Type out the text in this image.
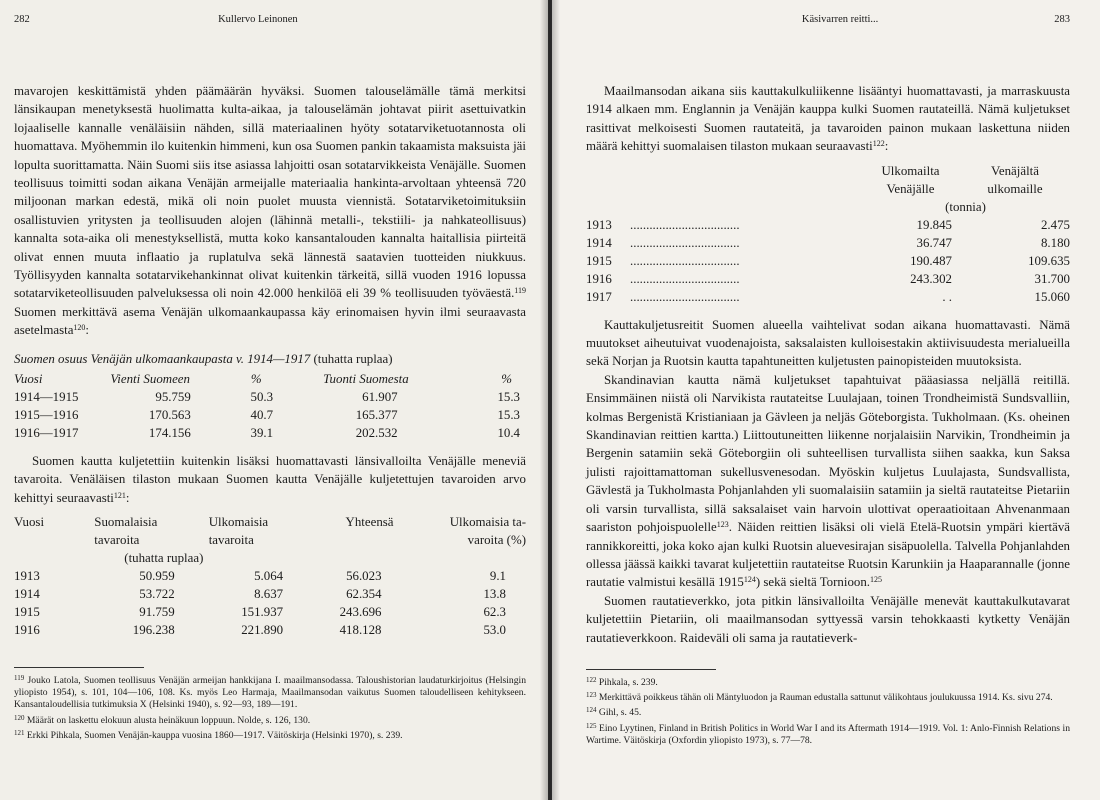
282	Kullervo Leinonen

mavarojen keskittämistä yhden päämäärän hyväksi. Suomen talouselämälle tämä merkitsi länsikaupan menetyksestä huolimatta kulta-aikaa, ja talouselämän johtavat piirit asettuivatkin lojaaliselle kannalle venäläisiin nähden, sillä materiaalinen hyöty sotatarviketuotannosta oli huomattava. Myöhemmin ilo kuitenkin himmeni, kun osa Suomen pankin takaamista maksuista jäi lopulta suorittamatta. Näin Suomi siis itse asiassa lahjoitti osan sotatarvikkeista Venäjälle. Suomen teollisuus toimitti sodan aikana Venäjän armeijalle materiaalia hankinta-arvoltaan yhteensä 720 miljoonan markan edestä, mikä oli noin puolet muusta viennistä. Sotatarviketoimituksiin osallistuvien yritysten ja teollisuuden alojen (lähinnä metalli-, tekstiili- ja nahkateollisuus) kannalta sota-aika oli menestyksellistä, mutta koko kansantalouden kannalta haitallisia piirteitä olivat ennen muuta inflaatio ja ruplatulva sekä lännestä saatavien tuotteiden niukkuus. Työllisyyden kannalta sotatarvikehankinnat olivat kuitenkin tärkeitä, sillä vuoden 1916 lopussa sotatarviketeollisuuden palveluksessa oli noin 42.000 henkilöä eli 39 % teollisuuden työväestä.$^{119}$ Suomen merkittävä asema Venäjän ulkomaankaupassa käy erinomaisen hyvin ilmi seuraavasta asetelmasta$^{120}$:

Suomen osuus Venäjän ulkomaankaupasta v. 1914—1917 (tuhatta ruplaa)
Vuosi	Vienti Suomeen	%	Tuonti Suomesta	%
1914—1915	95.759	50.3	61.907	15.3
1915—1916	170.563	40.7	165.377	15.3
1916—1917	174.156	39.1	202.532	10.4

Suomen kautta kuljetettiin kuitenkin lisäksi huomattavasti länsivalloilta Venäjälle meneviä tavaroita. Venäläisen tilaston mukaan Suomen kautta Venäjälle kuljetettujen tavaroiden arvo kehittyi seuraavasti$^{121}$:

Vuosi	Suomalaisia	Ulkomaisia	Yhteensä	Ulkomaisia ta-
	tavaroita	tavaroita		varoita (%)
	(tuhatta ruplaa)			
1913	50.959	5.064	56.023	9.1
1914	53.722	8.637	62.354	13.8
1915	91.759	151.937	243.696	62.3
1916	196.238	221.890	418.128	53.0

$^{119}$ Jouko Latola, Suomen teollisuus Venäjän armeijan hankkijana I. maailmansodassa. Taloushistorian laudaturkirjoitus (Helsingin yliopisto 1954), s. 101, 104—106, 108. Ks. myös Leo Harmaja, Maailmansodan vaikutus Suomen taloudelliseen kehitykseen. Kansantaloudellisia tutkimuksia X (Helsinki 1940), s. 92—93, 189—191.

$^{120}$ Määrät on laskettu elokuun alusta heinäkuun loppuun. Nolde, s. 126, 130.

$^{121}$ Erkki Pihkala, Suomen Venäjän-kauppa vuosina 1860—1917. Väitöskirja (Helsinki 1970), s. 239.

Käsivarren reitti...	283

Maailmansodan aikana siis kauttakulkuliikenne lisääntyi huomattavasti, ja marraskuusta 1914 alkaen mm. Englannin ja Venäjän kauppa kulki Suomen rautateillä. Nämä kuljetukset rasittivat melkoisesti Suomen rautateitä, ja tavaroiden painon mukaan laskettuna niiden määrä kehittyi suomalaisen tilaston mukaan seuraavasti$^{122}$:

		Ulkomailta	Venäjältä
		Venäjälle	ulkomaille
		(tonnia)	
1913	..................................	19.845	2.475
1914	..................................	36.747	8.180
1915	..................................	190.487	109.635
1916	..................................	243.302	31.700
1917	..................................	. .	15.060

Kauttakuljetusreitit Suomen alueella vaihtelivat sodan aikana huomattavasti. Nämä muutokset aiheutuivat vuodenajoista, saksalaisten kulloisestakin aktiivisuudesta merialueilla sekä Norjan ja Ruotsin kautta tapahtuneitten kuljetusten painopisteiden muutoksista.

Skandinavian kautta nämä kuljetukset tapahtuivat pääasiassa neljällä reitillä. Ensimmäinen niistä oli Narvikista rautateitse Luulajaan, toinen Trondheimistä Sundsvalliin, kolmas Bergenistä Kristianiaan ja Gävleen ja neljäs Göteborgista. Tukholmaan. (Ks. oheinen Skandinavian reittien kartta.) Liittoutuneitten liikenne norjalaisiin Narvikin, Trondheimin ja Bergenin satamiin sekä Göteborgiin oli suhteellisen turvallista siihen saakka, kun Saksa julisti rajoittamattoman sukellusvenesodan. Myöskin kuljetus Luulajasta, Sundsvallista, Gävlestä ja Tukholmasta Pohjanlahden yli suomalaisiin satamiin ja sieltä rautateitse Pietariin oli varsin turvallista, sillä saksalaiset vain harvoin ulottivat operaatioitaan Ahvenanmaan saariston pohjoispuolelle$^{123}$. Näiden reittien lisäksi oli vielä Etelä-Ruotsin ympäri kiertävä rannikkoreitti, joka koko ajan kulki Ruotsin aluevesirajan sisäpuolella. Talvella Pohjanlahden ollessa jäässä kaikki tavarat kuljetettiin rautateitse Ruotsin Karunkiin ja Haaparannalle (jonne rautatie valmistui kesällä 1915$^{124}$) sekä sieltä Tornioon.$^{125}$

Suomen rautatieverkko, jota pitkin länsivalloilta Venäjälle menevät kauttakulkutavarat kuljetettiin Pietariin, oli maailmansodan syttyessä varsin tehokkaasti kytketty Venäjän rautatieverkkoon. Raideväli oli sama ja rautatieverk-

$^{122}$ Pihkala, s. 239.

$^{123}$ Merkittävä poikkeus tähän oli Mäntyluodon ja Rauman edustalla sattunut välikohtaus joulukuussa 1914. Ks. sivu 274.

$^{124}$ Gihl, s. 45.

$^{125}$ Eino Lyytinen, Finland in British Politics in World War I and its Aftermath 1914—1919. Vol. 1: Anlo-Finnish Relations in Wartime. Väitöskirja (Oxfordin yliopisto 1973), s. 77—78.
